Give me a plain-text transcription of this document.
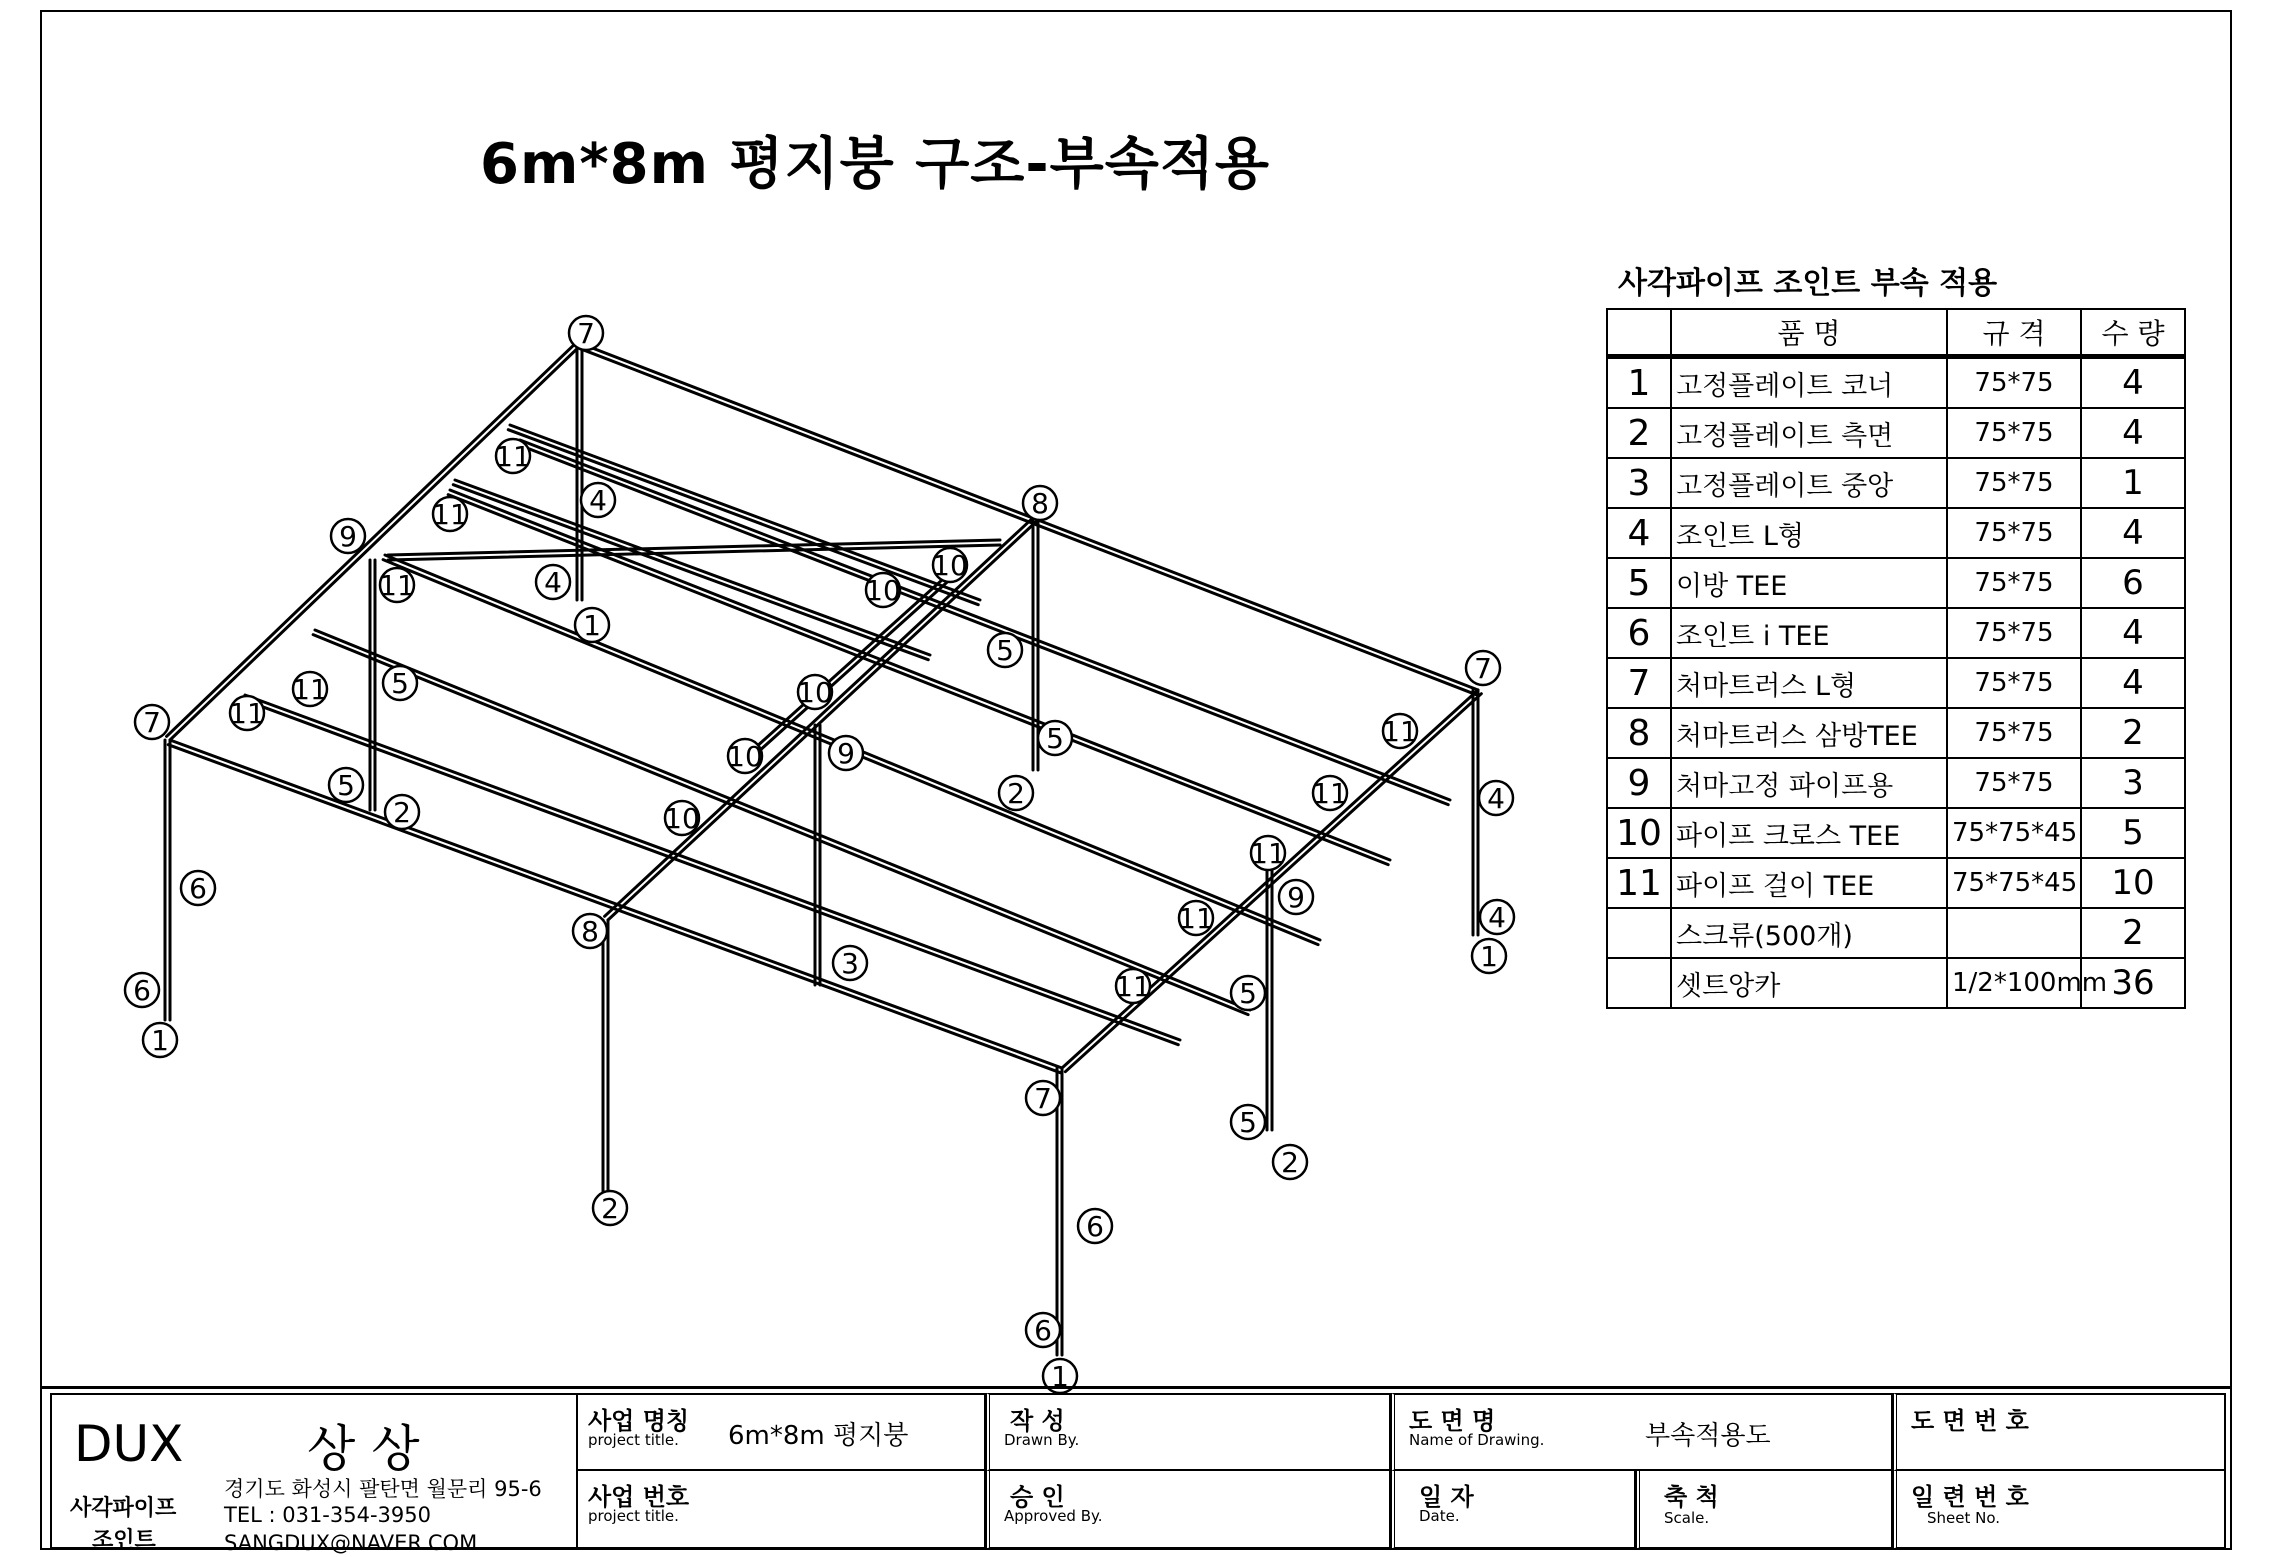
6m*8m 평지붕 구조-부속적용
7
11
4
11	8
9
11
10
4
1
10
5
11
7
5	10
9	5
11
7	11
10
2
5	11	4
2	10
11
9
6
11	4
8
1
3
11	5
6
7
1
5
2
6
2
6
1
사각파이프 조인트 부속 적용
	품 명	규 격	수 량
1	고정플레이트 코너	75*75	4
2	고정플레이트 측면	75*75	4
3	고정플레이트 중앙	75*75	1
4	조인트 L형	75*75	4
5	이방 TEE	75*75	6
6	조인트 i TEE	75*75	4
7	처마트러스 L형	75*75	4
8	처마트러스 삼방TEE	75*75	2
9	처마고정 파이프용	75*75	3
10	파이프 크로스 TEE	75*75*45	5
11	파이프 걸이 TEE	75*75*45	10
	스크류(500개)		2
	셋트앙카	1/2*100mm	36
DUX 상 상
사각파이프
조인트
경기도 화성시 팔탄면 월문리 95-6
TEL : 031-354-3950
SANGDUX@NAVER.COM
사업 명칭
project title. 6m*8m 평지붕
사업 번호
project title.
작 성
Drawn By.
승 인
Approved By.
도 면 명
Name of Drawing.	부속적용도
일 자
Date.
축 척
Scale.
도 면 번 호
일 련 번 호
Sheet No.
